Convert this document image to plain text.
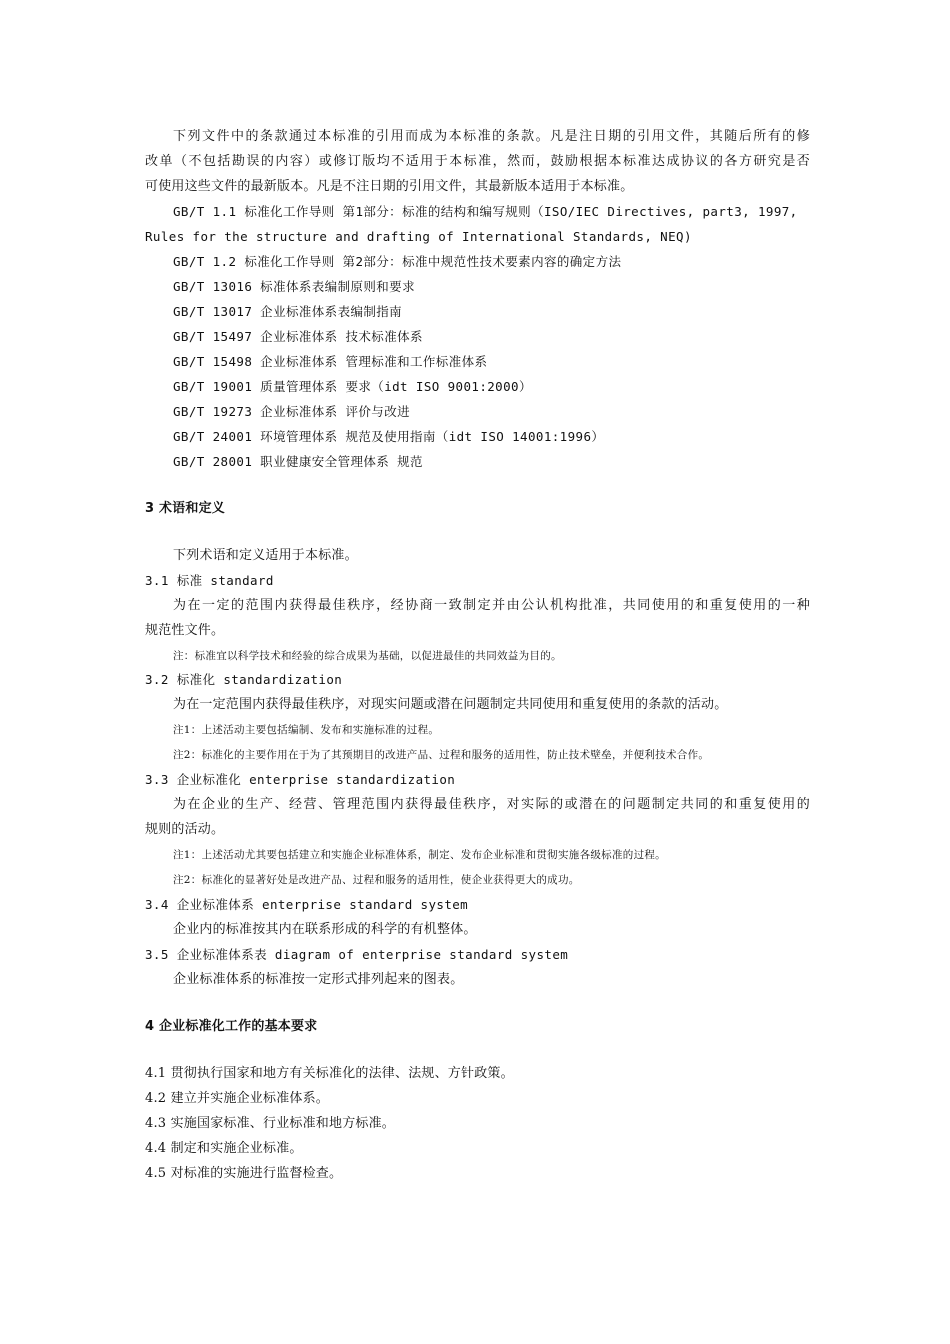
下列文件中的条款通过本标准的引用而成为本标准的条款。凡是注日期的引用文件，其随后所有的修
改单（不包括勘误的内容）或修订版均不适用于本标准，然而，鼓励根据本标准达成协议的各方研究是否
可使用这些文件的最新版本。凡是不注日期的引用文件，其最新版本适用于本标准。
GB/T 1.1 标准化工作导则 第1部分：标准的结构和编写规则（ISO/IEC Directives, part3, 1997,
Rules for the structure and drafting of International Standards, NEQ)
GB/T 1.2 标准化工作导则 第2部分：标准中规范性技术要素内容的确定方法
GB/T 13016 标准体系表编制原则和要求
GB/T 13017 企业标准体系表编制指南
GB/T 15497 企业标准体系 技术标准体系
GB/T 15498 企业标准体系 管理标准和工作标准体系
GB/T 19001 质量管理体系 要求（idt ISO 9001:2000）
GB/T 19273 企业标准体系 评价与改进
GB/T 24001 环境管理体系 规范及使用指南（idt ISO 14001:1996）
GB/T 28001 职业健康安全管理体系 规范
3 术语和定义
下列术语和定义适用于本标准。
3.1 标准 standard
为在一定的范围内获得最佳秩序，经协商一致制定并由公认机构批准，共同使用的和重复使用的一种
规范性文件。
注：标准宜以科学技术和经验的综合成果为基础，以促进最佳的共同效益为目的。
3.2 标准化 standardization
为在一定范围内获得最佳秩序，对现实问题或潜在问题制定共同使用和重复使用的条款的活动。
注1：上述活动主要包括编制、发布和实施标准的过程。
注2：标准化的主要作用在于为了其预期目的改进产品、过程和服务的适用性，防止技术壁垒，并便利技术合作。
3.3 企业标准化 enterprise standardization
为在企业的生产、经营、管理范围内获得最佳秩序，对实际的或潜在的问题制定共同的和重复使用的
规则的活动。
注1：上述活动尤其要包括建立和实施企业标准体系，制定、发布企业标准和贯彻实施各级标准的过程。
注2：标准化的显著好处是改进产品、过程和服务的适用性，使企业获得更大的成功。
3.4 企业标准体系 enterprise standard system
企业内的标准按其内在联系形成的科学的有机整体。
3.5 企业标准体系表 diagram of enterprise standard system
企业标准体系的标准按一定形式排列起来的图表。
4 企业标准化工作的基本要求
4.1 贯彻执行国家和地方有关标准化的法律、法规、方针政策。
4.2 建立并实施企业标准体系。
4.3 实施国家标准、行业标准和地方标准。
4.4 制定和实施企业标准。
4.5 对标准的实施进行监督检查。
